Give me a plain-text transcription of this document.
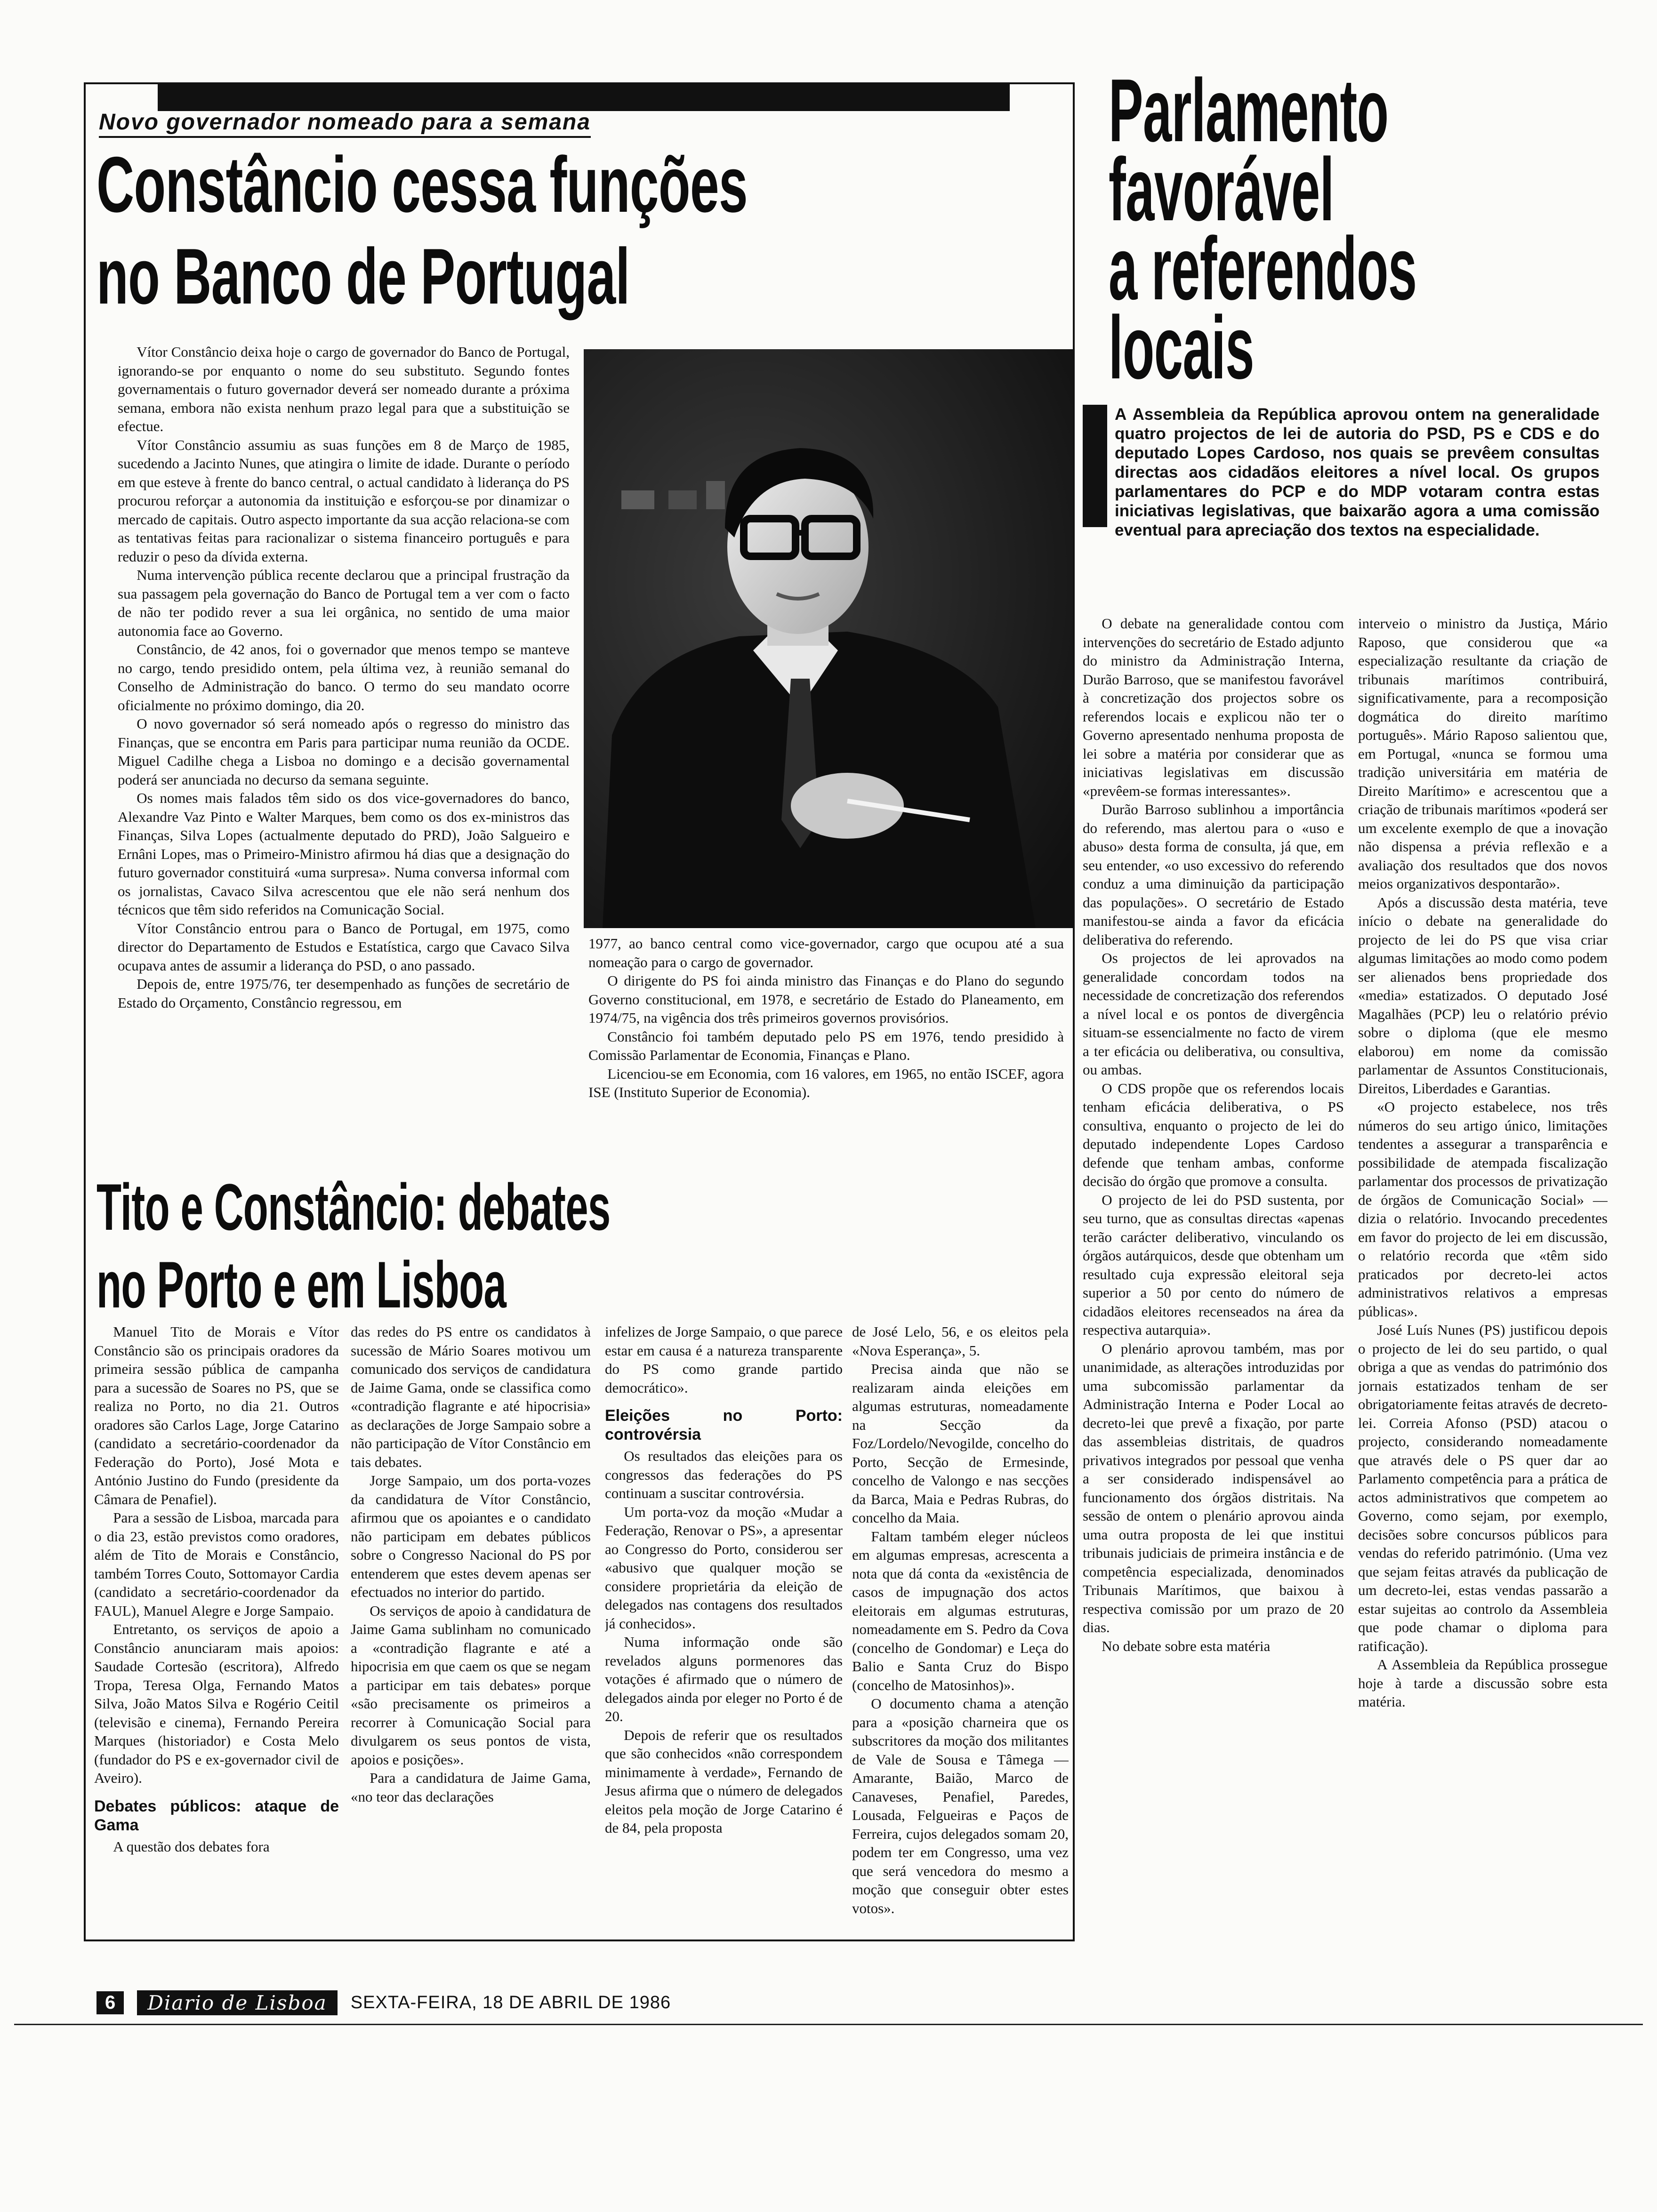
Novo governador nomeado para a semana
Constâncio cessa funções
no Banco de Portugal

Vítor Constâncio deixa hoje o cargo de governador do Banco de Portugal, ignorando-se por enquanto o nome do seu substituto. Segundo fontes governamentais o futuro governador deverá ser nomeado durante a próxima semana, embora não exista nenhum prazo legal para que a substituição se efectue.

Vítor Constâncio assumiu as suas funções em 8 de Março de 1985, sucedendo a Jacinto Nunes, que atingira o limite de idade. Durante o período em que esteve à frente do banco central, o actual candidato à liderança do PS procurou reforçar a autonomia da instituição e esforçou-se por dinamizar o mercado de capitais. Outro aspecto importante da sua acção relaciona-se com as tentativas feitas para racionalizar o sistema financeiro português e para reduzir o peso da dívida externa.

Numa intervenção pública recente declarou que a principal frustração da sua passagem pela governação do Banco de Portugal tem a ver com o facto de não ter podido rever a sua lei orgânica, no sentido de uma maior autonomia face ao Governo.

Constâncio, de 42 anos, foi o governador que menos tempo se manteve no cargo, tendo presidido ontem, pela última vez, à reunião semanal do Conselho de Administração do banco. O termo do seu mandato ocorre oficialmente no próximo domingo, dia 20.

O novo governador só será nomeado após o regresso do ministro das Finanças, que se encontra em Paris para participar numa reunião da OCDE. Miguel Cadilhe chega a Lisboa no domingo e a decisão governamental poderá ser anunciada no decurso da semana seguinte.

Os nomes mais falados têm sido os dos vice-governadores do banco, Alexandre Vaz Pinto e Walter Marques, bem como os dos ex-ministros das Finanças, Silva Lopes (actualmente deputado do PRD), João Salgueiro e Ernâni Lopes, mas o Primeiro-Ministro afirmou há dias que a designação do futuro governador constituirá «uma surpresa». Numa conversa informal com os jornalistas, Cavaco Silva acrescentou que ele não será nenhum dos técnicos que têm sido referidos na Comunicação Social.

Vítor Constâncio entrou para o Banco de Portugal, em 1975, como director do Departamento de Estudos e Estatística, cargo que Cavaco Silva ocupava antes de assumir a liderança do PSD, o ano passado.

Depois de, entre 1975/76, ter desempenhado as funções de secretário de Estado do Orçamento, Constâncio regressou, em

1977, ao banco central como vice-governador, cargo que ocupou até a sua nomeação para o cargo de governador.

O dirigente do PS foi ainda ministro das Finanças e do Plano do segundo Governo constitucional, em 1978, e secretário de Estado do Planeamento, em 1974/75, na vigência dos três primeiros governos provisórios.

Constâncio foi também deputado pelo PS em 1976, tendo presidido à Comissão Parlamentar de Economia, Finanças e Plano.

Licenciou-se em Economia, com 16 valores, em 1965, no então ISCEF, agora ISE (Instituto Superior de Economia).

Tito e Constâncio: debates
no Porto e em Lisboa

Manuel Tito de Morais e Vítor Constâncio são os principais oradores da primeira sessão pública de campanha para a sucessão de Soares no PS, que se realiza no Porto, no dia 21. Outros oradores são Carlos Lage, Jorge Catarino (candidato a secretário-coordenador da Federação do Porto), José Mota e António Justino do Fundo (presidente da Câmara de Penafiel).

Para a sessão de Lisboa, marcada para o dia 23, estão previstos como oradores, além de Tito de Morais e Constâncio, também Torres Couto, Sottomayor Cardia (candidato a secretário-coordenador da FAUL), Manuel Alegre e Jorge Sampaio.

Entretanto, os serviços de apoio a Constâncio anunciaram mais apoios: Saudade Cortesão (escritora), Alfredo Tropa, Teresa Olga, Fernando Matos Silva, João Matos Silva e Rogério Ceitil (televisão e cinema), Fernando Pereira Marques (historiador) e Costa Melo (fundador do PS e ex-governador civil de Aveiro).

Debates públicos: ataque de Gama

A questão dos debates fora

das redes do PS entre os candidatos à sucessão de Mário Soares motivou um comunicado dos serviços de candidatura de Jaime Gama, onde se classifica como «contradição flagrante e até hipocrisia» as declarações de Jorge Sampaio sobre a não participação de Vítor Constâncio em tais debates.

Jorge Sampaio, um dos porta-vozes da candidatura de Vítor Constâncio, afirmou que os apoiantes e o candidato não participam em debates públicos sobre o Congresso Nacional do PS por entenderem que estes devem apenas ser efectuados no interior do partido.

Os serviços de apoio à candidatura de Jaime Gama sublinham no comunicado a «contradição flagrante e até a hipocrisia em que caem os que se negam a participar em tais debates» porque «são precisamente os primeiros a recorrer à Comunicação Social para divulgarem os seus pontos de vista, apoios e posições».

Para a candidatura de Jaime Gama, «no teor das declarações

infelizes de Jorge Sampaio, o que parece estar em causa é a natureza transparente do PS como grande partido democrático».

Eleições no Porto: controvérsia

Os resultados das eleições para os congressos das federações do PS continuam a suscitar controvérsia.

Um porta-voz da moção «Mudar a Federação, Renovar o PS», a apresentar ao Congresso do Porto, considerou ser «abusivo que qualquer moção se considere proprietária da eleição de delegados nas contagens dos resultados já conhecidos».

Numa informação onde são revelados alguns pormenores das votações é afirmado que o número de delegados ainda por eleger no Porto é de 20.

Depois de referir que os resultados que são conhecidos «não correspondem minimamente à verdade», Fernando de Jesus afirma que o número de delegados eleitos pela moção de Jorge Catarino é de 84, pela proposta

de José Lelo, 56, e os eleitos pela «Nova Esperança», 5.

Precisa ainda que não se realizaram ainda eleições em algumas estruturas, nomeadamente na Secção da Foz/Lordelo/Nevogilde, concelho do Porto, Secção de Ermesinde, concelho de Valongo e nas secções da Barca, Maia e Pedras Rubras, do concelho da Maia.

Faltam também eleger núcleos em algumas empresas, acrescenta a nota que dá conta da «existência de casos de impugnação dos actos eleitorais em algumas estruturas, nomeadamente em S. Pedro da Cova (concelho de Gondomar) e Leça do Balio e Santa Cruz do Bispo (concelho de Matosinhos)».

O documento chama a atenção para a «posição charneira que os subscritores da moção dos militantes de Vale de Sousa e Tâmega — Amarante, Baião, Marco de Canaveses, Penafiel, Paredes, Lousada, Felgueiras e Paços de Ferreira, cujos delegados somam 20, podem ter em Congresso, uma vez que será vencedora do mesmo a moção que conseguir obter estes votos».

Parlamento
favorável
a referendos
locais
A Assembleia da República aprovou ontem na generalidade quatro projectos de lei de autoria do PSD, PS e CDS e do deputado Lopes Cardoso, nos quais se prevêem consultas directas aos cidadãos eleitores a nível local. Os grupos parlamentares do PCP e do MDP votaram contra estas iniciativas legislativas, que baixarão agora a uma comissão eventual para apreciação dos textos na especialidade.

O debate na generalidade contou com intervenções do secretário de Estado adjunto do ministro da Administração Interna, Durão Barroso, que se manifestou favorável à concretização dos projectos sobre os referendos locais e explicou não ter o Governo apresentado nenhuma proposta de lei sobre a matéria por considerar que as iniciativas legislativas em discussão «prevêem-se formas interessantes».

Durão Barroso sublinhou a importância do referendo, mas alertou para o «uso e abuso» desta forma de consulta, já que, em seu entender, «o uso excessivo do referendo conduz a uma diminuição da participação das populações». O secretário de Estado manifestou-se ainda a favor da eficácia deliberativa do referendo.

Os projectos de lei aprovados na generalidade concordam todos na necessidade de concretização dos referendos a nível local e os pontos de divergência situam-se essencialmente no facto de virem a ter eficácia ou deliberativa, ou consultiva, ou ambas.

O CDS propõe que os referendos locais tenham eficácia deliberativa, o PS consultiva, enquanto o projecto de lei do deputado independente Lopes Cardoso defende que tenham ambas, conforme decisão do órgão que promove a consulta.

O projecto de lei do PSD sustenta, por seu turno, que as consultas directas «apenas terão carácter deliberativo, vinculando os órgãos autárquicos, desde que obtenham um resultado cuja expressão eleitoral seja superior a 50 por cento do número de cidadãos eleitores recenseados na área da respectiva autarquia».

O plenário aprovou também, mas por unanimidade, as alterações introduzidas por uma subcomissão parlamentar da Administração Interna e Poder Local ao decreto-lei que prevê a fixação, por parte das assembleias distritais, de quadros privativos integrados por pessoal que venha a ser considerado indispensável ao funcionamento dos órgãos distritais. Na sessão de ontem o plenário aprovou ainda uma outra proposta de lei que institui tribunais judiciais de primeira instância e de competência especializada, denominados Tribunais Marítimos, que baixou à respectiva comissão por um prazo de 20 dias.

No debate sobre esta matéria

interveio o ministro da Justiça, Mário Raposo, que considerou que «a especialização resultante da criação de tribunais marítimos contribuirá, significativamente, para a recomposição dogmática do direito marítimo português». Mário Raposo salientou que, em Portugal, «nunca se formou uma tradição universitária em matéria de Direito Marítimo» e acrescentou que a criação de tribunais marítimos «poderá ser um excelente exemplo de que a inovação não dispensa a prévia reflexão e a avaliação dos resultados que dos novos meios organizativos despontarão».

Após a discussão desta matéria, teve início o debate na generalidade do projecto de lei do PS que visa criar algumas limitações ao modo como podem ser alienados bens propriedade dos «media» estatizados. O deputado José Magalhães (PCP) leu o relatório prévio sobre o diploma (que ele mesmo elaborou) em nome da comissão parlamentar de Assuntos Constitucionais, Direitos, Liberdades e Garantias.

«O projecto estabelece, nos três números do seu artigo único, limitações tendentes a assegurar a transparência e possibilidade de atempada fiscalização parlamentar dos processos de privatização de órgãos de Comunicação Social» — dizia o relatório. Invocando precedentes em favor do projecto de lei em discussão, o relatório recorda que «têm sido praticados por decreto-lei actos administrativos relativos a empresas públicas».

José Luís Nunes (PS) justificou depois o projecto de lei do seu partido, o qual obriga a que as vendas do património dos jornais estatizados tenham de ser obrigatoriamente feitas através de decreto-lei. Correia Afonso (PSD) atacou o projecto, considerando nomeadamente que através dele o PS quer dar ao Parlamento competência para a prática de actos administrativos que competem ao Governo, como sejam, por exemplo, decisões sobre concursos públicos para vendas do referido património. (Uma vez que sejam feitas através da publicação de um decreto-lei, estas vendas passarão a estar sujeitas ao controlo da Assembleia que pode chamar o diploma para ratificação).

A Assembleia da República prossegue hoje à tarde a discussão sobre esta matéria.

6	Diario de Lisboa	SEXTA-FEIRA, 18 DE ABRIL DE 1986
